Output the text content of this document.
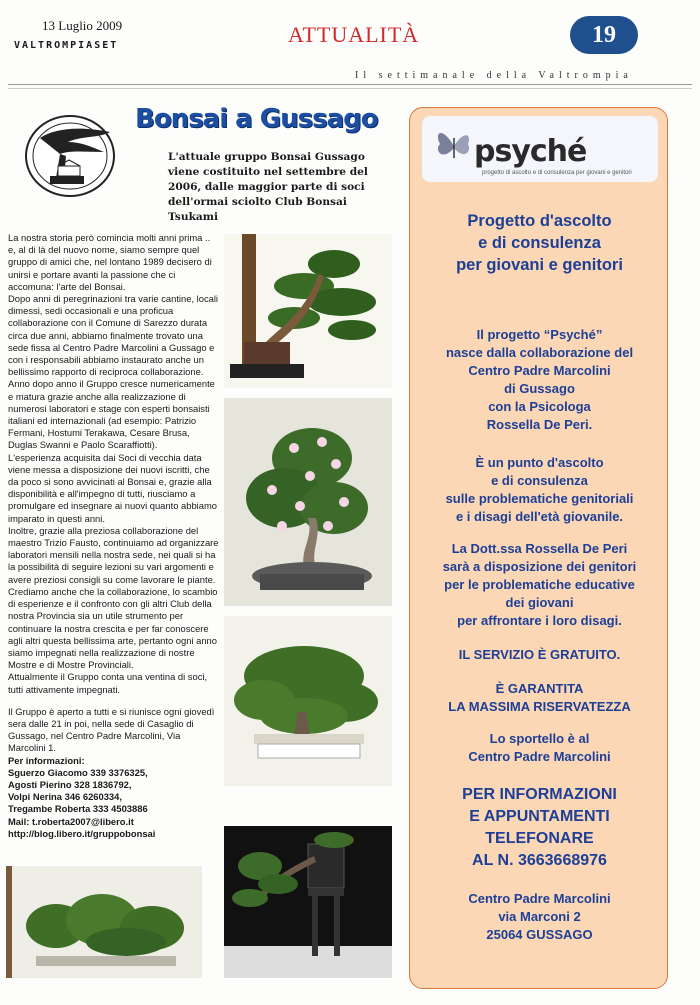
13 Luglio 2009
VALTROMPIASET	ATTUALITÀ	19
Il settimanale della Valtrompia
Bonsai a Gussago
L'attuale gruppo Bonsai Gussago viene costituito nel settembre del 2006, dalle maggior parte di soci dell'ormai sciolto Club Bonsai Tsukami

La nostra storia però comincia molti anni prima .. e, al di là del nuovo nome, siamo sempre quel gruppo di amici che, nel lontano 1989 decisero di unirsi e portare avanti la passione che ci accomuna: l'arte del Bonsai.

Dopo anni di peregrinazioni tra varie cantine, locali dimessi, sedi occasionali e una proficua collaborazione con il Comune di Sarezzo durata circa due anni, abbiamo finalmente trovato una sede fissa al Centro Padre Marcolini a Gussago e con i responsabili abbiamo instaurato anche un bellissimo rapporto di reciproca collaborazione.

Anno dopo anno il Gruppo cresce numericamente e matura grazie anche alla realizzazione di numerosi laboratori e stage con esperti bonsaisti italiani ed internazionali (ad esempio: Patrizio Fermani, Hostumi Terakawa, Cesare Brusa, Duglas Swanni e Paolo Scaraffiotti).

L'esperienza acquisita dai Soci di vecchia data viene messa a disposizione dei nuovi iscritti, che da poco si sono avvicinati al Bonsai e, grazie alla disponibilità e all'impegno di tutti, riusciamo a promulgare ed insegnare ai nuovi quanto abbiamo imparato in questi anni.

Inoltre, grazie alla preziosa collaborazione del maestro Trizio Fausto, continuiamo ad organizzare laboratori mensili nella nostra sede, nei quali si ha la possibilità di seguire lezioni su vari argomenti e avere preziosi consigli su come lavorare le piante.

Crediamo anche che la collaborazione, lo scambio di esperienze e il confronto con gli altri Club della nostra Provincia sia un utile strumento per continuare la nostra crescita e per far conoscere agli altri questa bellissima arte, pertanto ogni anno siamo impegnati nella realizzazione di nostre Mostre e di Mostre Provinciali.

Attualmente il Gruppo conta una ventina di soci, tutti attivamente impegnati.

Il Gruppo è aperto a tutti e si riunisce ogni giovedì sera dalle 21 in poi, nella sede di Casaglio di Gussago, nel Centro Padre Marcolini, Via Marcolini 1.

Per informazioni:

Sguerzo Giacomo 339 3376325,

Agosti Pierino 328 1836792,

Volpi Nerina 346 6260334,

Tregambe Roberta 333 4503886

Mail: t.roberta2007@libero.it

http://blog.libero.it/gruppobonsai

psyché
progetto di ascolto e di consulenza per giovani e genitori
Progetto d'ascolto
e di consulenza
per giovani e genitori
Il progetto “Psyché”
nasce dalla collaborazione del
Centro Padre Marcolini
di Gussago
con la Psicologa
Rossella De Peri.
È un punto d'ascolto
e di consulenza
sulle problematiche genitoriali
e i disagi dell'età giovanile.
La Dott.ssa Rossella De Peri
sarà a disposizione dei genitori
per le problematiche educative
dei giovani
per affrontare i loro disagi.
IL SERVIZIO È GRATUITO.
È GARANTITA
LA MASSIMA RISERVATEZZA
Lo sportello è al
Centro Padre Marcolini
PER INFORMAZIONI
E APPUNTAMENTI
TELEFONARE
AL N. 3663668976
Centro Padre Marcolini
via Marconi 2
25064 GUSSAGO
